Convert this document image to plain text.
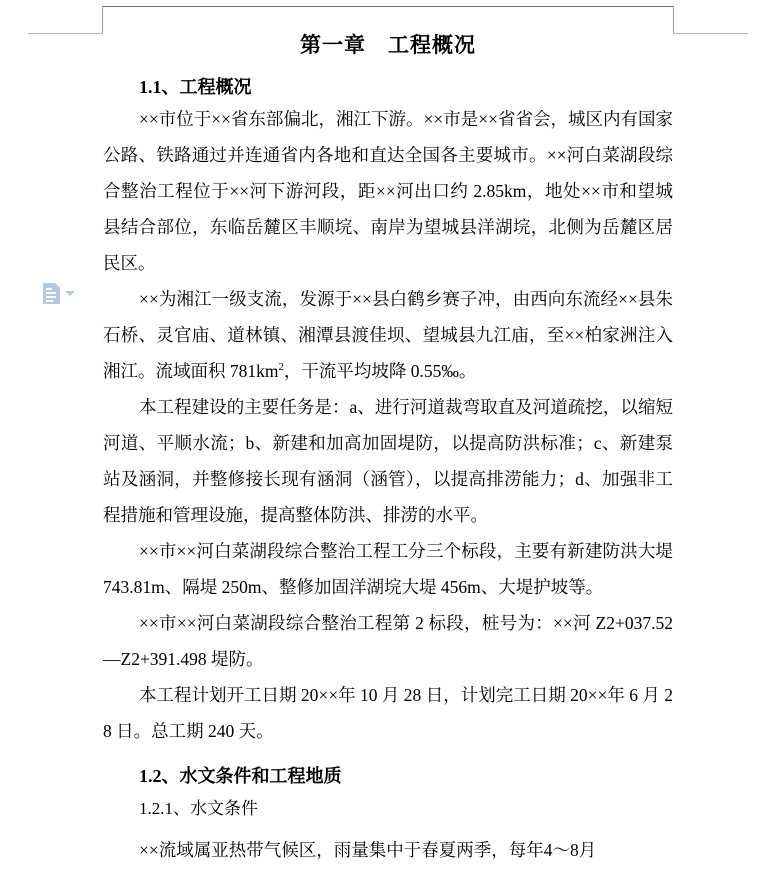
第一章　工程概况
1.1、工程概况

××市位于××省东部偏北，湘江下游。××市是××省省会，城区内有国家公路、铁路通过并连通省内各地和直达全国各主要城市。××河白菜湖段综合整治工程位于××河下游河段，距××河出口约 2.85km，地处××市和望城县结合部位，东临岳麓区丰顺垸、南岸为望城县洋湖垸，北侧为岳麓区居民区。

××为湘江一级支流，发源于××县白鹤乡赛子冲，由西向东流经××县朱石桥、灵官庙、道林镇、湘潭县渡佳坝、望城县九江庙，至××柏家洲注入湘江。流域面积 $781km^2$，干流平均坡降 0.55‰。

本工程建设的主要任务是：a、进行河道裁弯取直及河道疏挖，以缩短河道、平顺水流；b、新建和加高加固堤防，以提高防洪标准；c、新建泵站及涵洞，并整修接长现有涵洞（涵管），以提高排涝能力；d、加强非工程措施和管理设施，提高整体防洪、排涝的水平。

××市××河白菜湖段综合整治工程工分三个标段，主要有新建防洪大堤 743.81m、隔堤 250m、整修加固洋湖垸大堤 456m、大堤护坡等。

××市××河白菜湖段综合整治工程第 2 标段，桩号为：××河 Z2+037.52—Z2+391.498 堤防。

本工程计划开工日期 20××年 10 月 28 日，计划完工日期 20××年 6 月 28 日。总工期 240 天。

1.2、水文条件和工程地质
1.2.1、水文条件

××流域属亚热带气候区，雨量集中于春夏两季，每年4～8月
